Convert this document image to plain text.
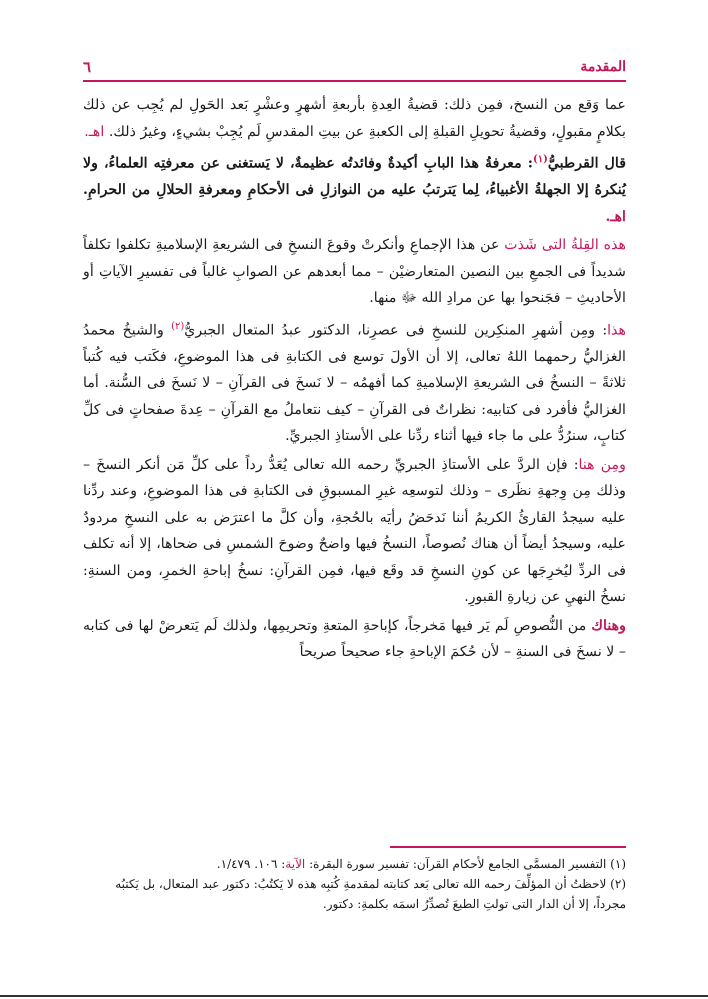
المقدمة
٦

عما وَقع من النسخ، فمِن ذلك: قضيةُ العِدةِ بأربعةِ أشهرٍ وعشْرٍ بَعد الحَولِ لم يُجِب عن ذلك بكلامٍ مقبولٍ، وقضيةُ تحويلِ القبلةِ إلى الكعبةِ عن بيتِ المقدسِ لَم يُجِبْ بشيءٍ، وغيرُ ذلك. اهـ.

قال القرطبيُّ$^{(١)}$: معرفةُ هذا البابِ أكيدةٌ وفائدتُه عظيمةٌ، لا يَستغنى عن معرفتِه العلماءُ، ولا يُنكرهُ إلا الجهلةُ الأغبياءُ، لِما يَترتبُ عليه من النوازلِ فى الأحكامِ ومعرفةِ الحلالِ من الحرامِ. اهـ.

هذه القِلةُ التى شَذت عن هذا الإجماعِ وأنكرتْ وقوعَ النسخِ فى الشريعةِ الإسلاميةِ تكلفوا تكلفاً شديداً فى الجمعِ بين النصين المتعارضيْن – مما أبعدهم عن الصوابِ غالباً فى تفسيرِ الآياتِ أو الأحاديثِ – فجَنحوا بها عن مرادِ الله ﷻ منها.

هذا: ومِن أشهرِ المنكِرين للنسخِ فى عصرِنا، الدكتور عبدُ المتعال الجبريُّ$^{(٢)}$ والشيخُ محمدُ الغزاليُّ رحمهما اللهُ تعالى، إلا أن الأولَ توسع فى الكتابةِ فى هذا الموضوعِ، فكَتب فيه كُتباً ثلاثةً – النسخُ فى الشريعةِ الإسلاميةِ كما أفهمُه – لا نَسخَ فى القرآنِ – لا نَسخَ فى السُّنة. أما الغزاليُّ فأفرد فى كتابيه: نظراتٌ فى القرآنِ – كيف نتعاملُ مع القرآنِ – عِدةَ صفحاتٍ فى كلِّ كتابٍ، سنرُدُّ على ما جاء فيها أثناء ردِّنا على الأستاذِ الجبريِّ.

ومِن هنا: فإن الردَّ على الأستاذِ الجبريِّ رحمه الله تعالى يُعَدُّ رداً على كلِّ مَن أنكر النسخَ – وذلك مِن وِجهةِ نظَرى – وذلك لتوسعِه غيرِ المسبوقِ فى الكتابةِ فى هذا الموضوعِ، وعند ردِّنا عليه سيجدُ القارئُ الكريمُ أننا نَدحَضُ رأيَه بالحُجةِ، وأن كلَّ ما اعترَض به على النسخِ مردودٌ عليه، وسيجدُ أيضاً أن هناك نُصوصاً، النسخُ فيها واضحٌ وضوحَ الشمسِ فى ضحاها، إلا أنه تكلف فى الردِّ ليُخرِجَها عن كونِ النسخِ قد وقَع فيها، فمِن القرآنِ: نسخُ إباحةِ الخمرِ، ومن السنةِ: نسخُ النهيِ عن زيارةِ القبورِ.

وهناك من النُّصوصِ لَم يَر فيها مَخرجاً، كإباحةِ المتعةِ وتحريمِها، ولذلك لَم يَتعرضْ لها فى كتابه – لا نسخَ فى السنةِ – لأن حُكمَ الإباحةِ جاء صحيحاً صريحاً

(١) التفسير المسمَّى الجامع لأحكام القرآن: تفسير سورة البقرة: الآية: ١٠٦. ١/٤٧٩.

(٢) لاحظتُ أن المؤلِّفَ رحمه الله تعالى بَعد كتابته لمقدمةِ كُتبِه هذه لا يَكتُبُ: دكتور عبد المتعال، بل يَكتبُه مجرداً، إلا أن الدار التى تولتِ الطبعَ تُصدِّرُ اسمَه بكلمةِ: دكتور.
